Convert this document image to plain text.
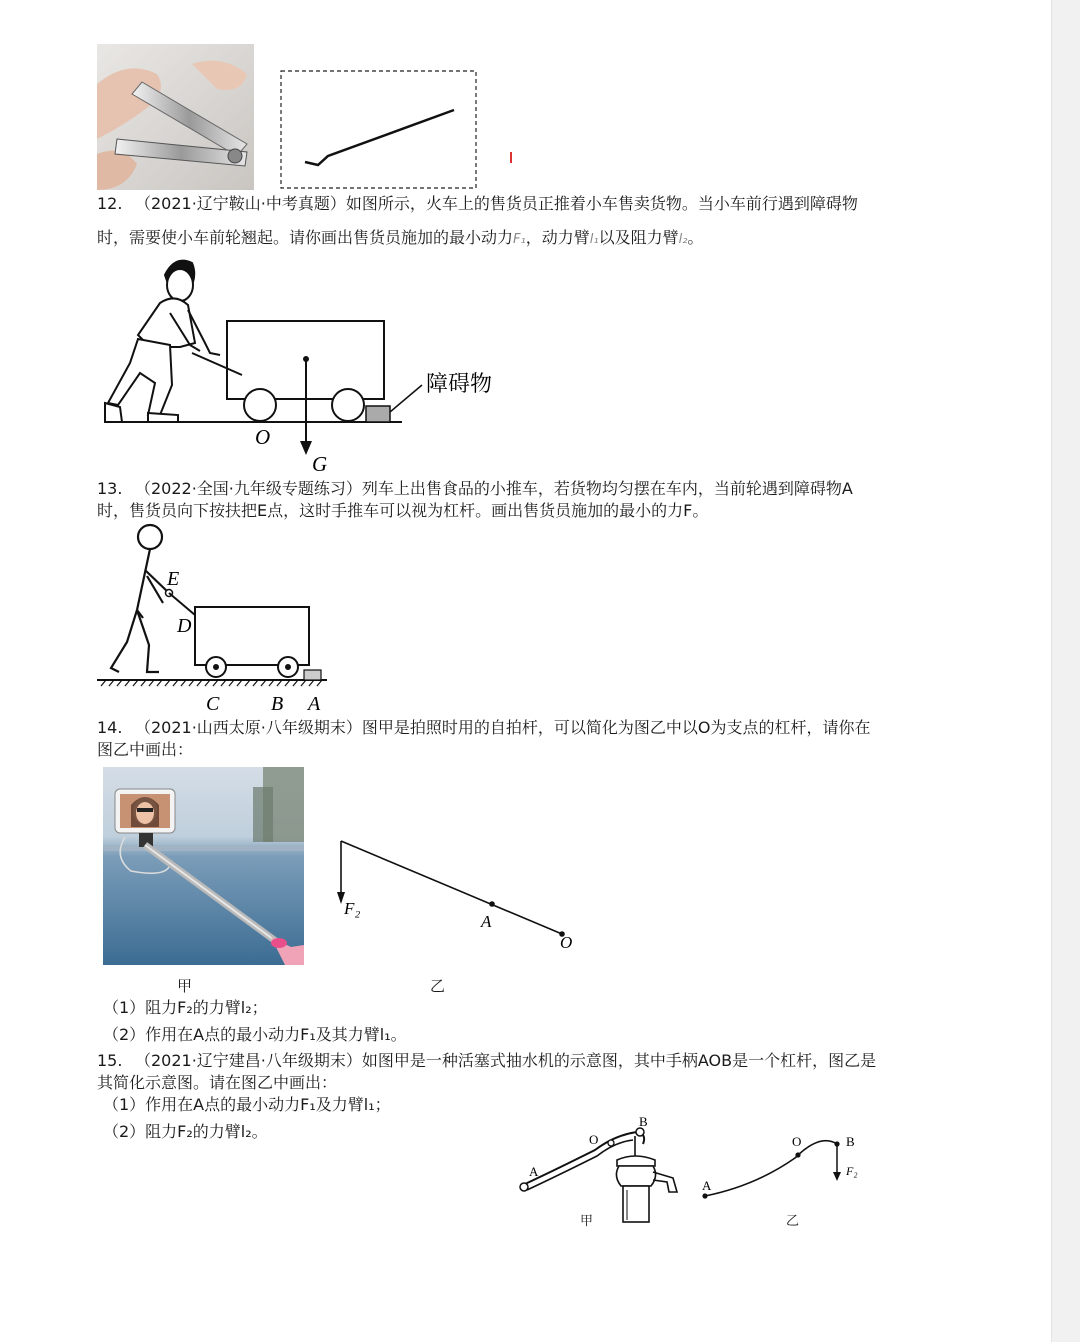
12. （2021·辽宁鞍山·中考真题）如图所示，火车上的售货员正推着小车售卖货物。当小车前行遇到障碍物
时，需要使小车前轮翘起。请你画出售货员施加的最小动力F₁，动力臂l₁以及阻力臂l₂。
障碍物
O
G
13. （2022·全国·九年级专题练习）列车上出售食品的小推车，若货物均匀摆在车内，当前轮遇到障碍物A
时，售货员向下按扶把E点，这时手推车可以视为杠杆。画出售货员施加的最小的力F。
E
D
C	B A
14. （2021·山西太原·八年级期末）图甲是拍照时用的自拍杆，可以简化为图乙中以O为支点的杠杆，请你在
图乙中画出：
F₂
A
O
甲	乙
（1）阻力F₂的力臂l₂；
（2）作用在A点的最小动力F₁及其力臂l₁。
15. （2021·辽宁建昌·八年级期末）如图甲是一种活塞式抽水机的示意图，其中手柄AOB是一个杠杆，图乙是
其简化示意图。请在图乙中画出：
（1）作用在A点的最小动力F₁及力臂l₁；
（2）阻力F₂的力臂l₂。
A
O
B
A
O	B
F₂
甲	乙
